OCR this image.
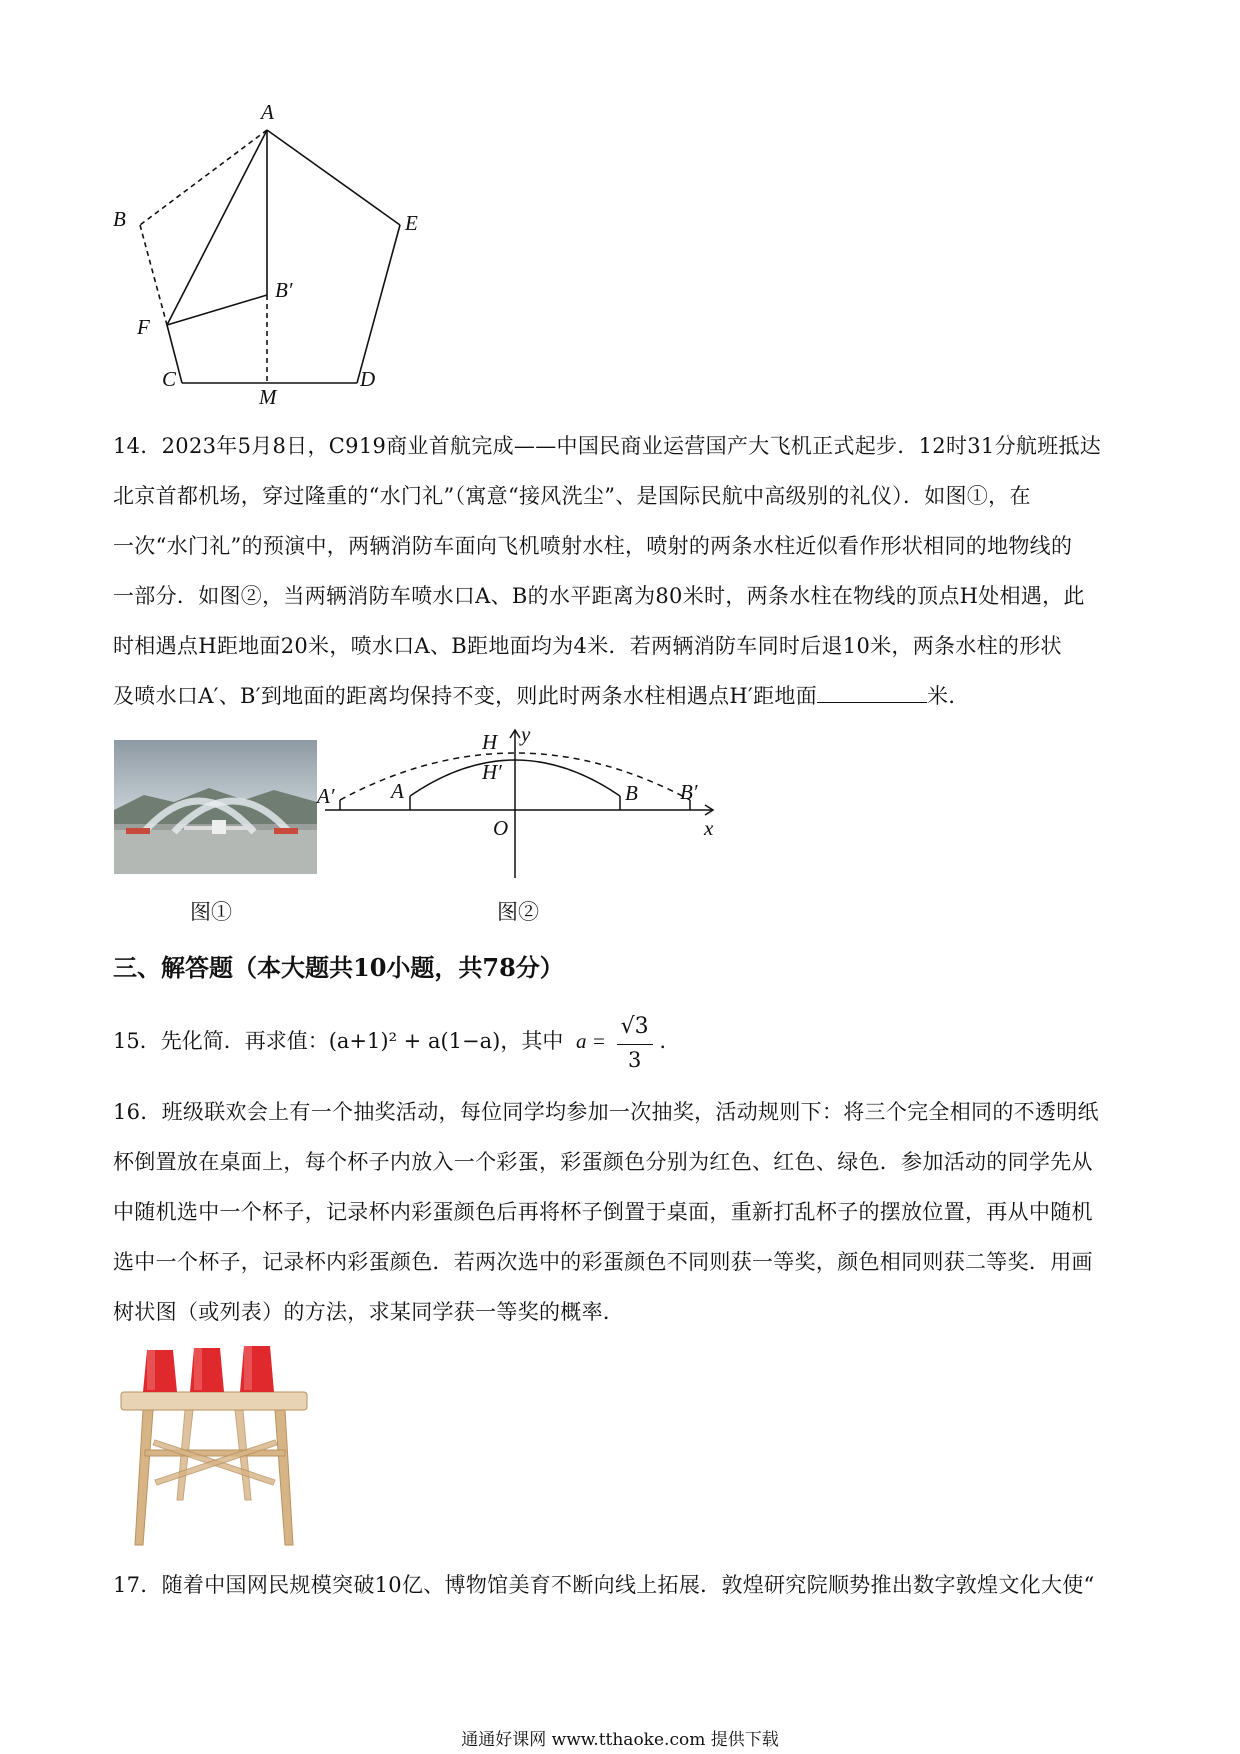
A
B	E
B′
F
C
M
D

14．2023年5月8日，C919商业首航完成——中国民商业运营国产大飞机正式起步．12时31分航班抵达

北京首都机场，穿过隆重的“水门礼”（寓意“接风洗尘”、是国际民航中高级别的礼仪）．如图①，在

一次“水门礼”的预演中，两辆消防车面向飞机喷射水柱，喷射的两条水柱近似看作形状相同的地物线的

一部分．如图②，当两辆消防车喷水口A、B的水平距离为80米时，两条水柱在物线的顶点H处相遇，此

时相遇点H距地面20米，喷水口A、B距地面均为4米．若两辆消防车同时后退10米，两条水柱的形状

及喷水口A′、B′到地面的距离均保持不变，则此时两条水柱相遇点H′距地面	米．

图①
H y
H′
A′	A	B B′
O	x
图②
三、解答题（本大题共10小题，共78分）
15．先化简．再求值：(a+1)² + a(1−a)，其中 $a = \frac{√3}{3}$ .

16．班级联欢会上有一个抽奖活动，每位同学均参加一次抽奖，活动规则下：将三个完全相同的不透明纸

杯倒置放在桌面上，每个杯子内放入一个彩蛋，彩蛋颜色分别为红色、红色、绿色．参加活动的同学先从

中随机选中一个杯子，记录杯内彩蛋颜色后再将杯子倒置于桌面，重新打乱杯子的摆放位置，再从中随机

选中一个杯子，记录杯内彩蛋颜色．若两次选中的彩蛋颜色不同则获一等奖，颜色相同则获二等奖．用画

树状图（或列表）的方法，求某同学获一等奖的概率．

17．随着中国网民规模突破10亿、博物馆美育不断向线上拓展．敦煌研究院顺势推出数字敦煌文化大使“

通通好课网 www.tthaoke.com 提供下载
